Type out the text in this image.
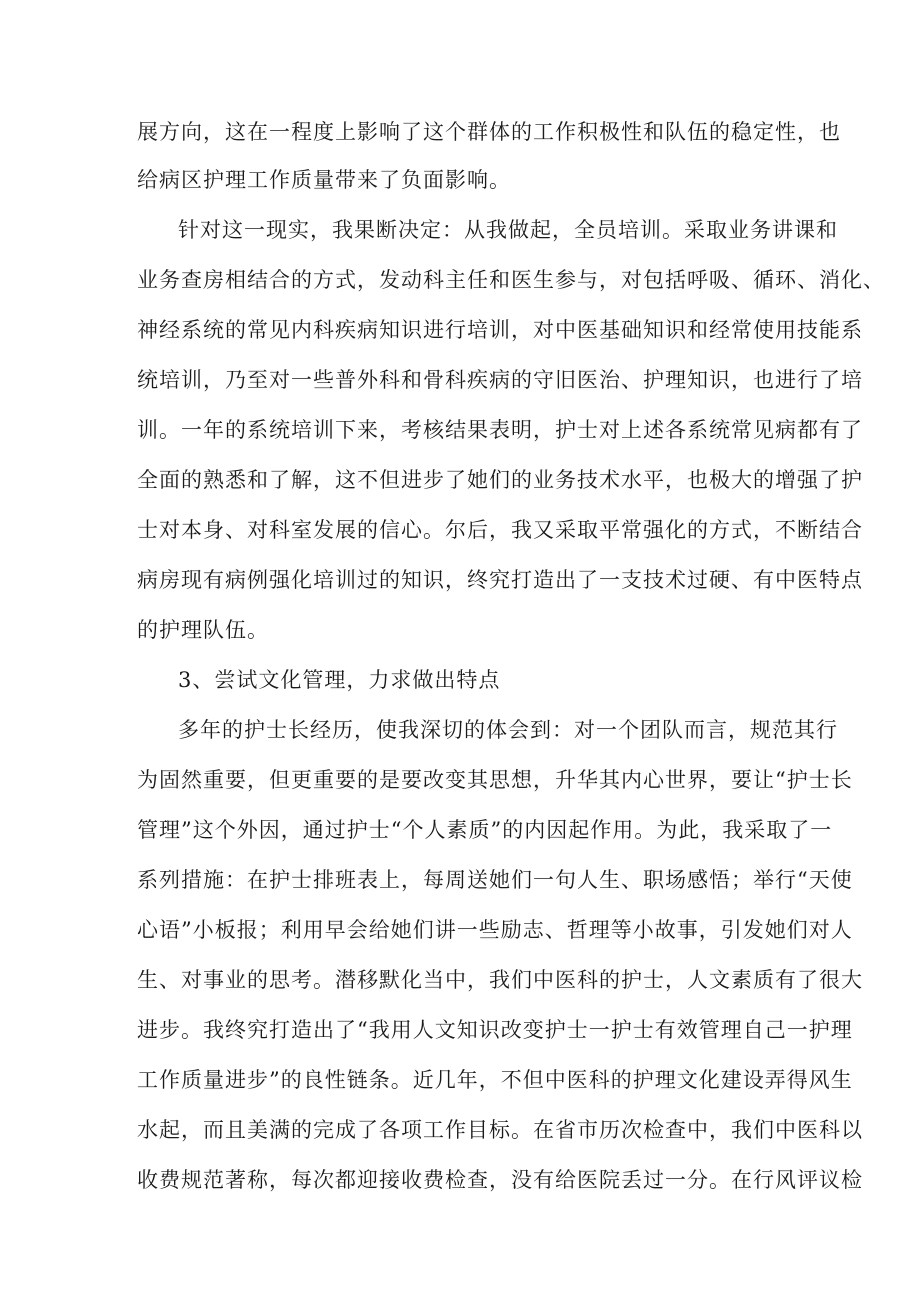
展方向，这在一程度上影响了这个群体的工作积极性和队伍的稳定性，也
给病区护理工作质量带来了负面影响。
针对这一现实，我果断决定：从我做起，全员培训。采取业务讲课和
业务查房相结合的方式，发动科主任和医生参与，对包括呼吸、循环、消化、
神经系统的常见内科疾病知识进行培训，对中医基础知识和经常使用技能系
统培训，乃至对一些普外科和骨科疾病的守旧医治、护理知识，也进行了培
训。一年的系统培训下来，考核结果表明，护士对上述各系统常见病都有了
全面的熟悉和了解，这不但进步了她们的业务技术水平，也极大的增强了护
士对本身、对科室发展的信心。尔后，我又采取平常强化的方式，不断结合
病房现有病例强化培训过的知识，终究打造出了一支技术过硬、有中医特点
的护理队伍。
3、尝试文化管理，力求做出特点
多年的护士长经历，使我深切的体会到：对一个团队而言，规范其行
为固然重要，但更重要的是要改变其思想，升华其内心世界，要让“护士长
管理”这个外因，通过护士“个人素质”的内因起作用。为此，我采取了一
系列措施：在护士排班表上，每周送她们一句人生、职场感悟；举行“天使
心语”小板报；利用早会给她们讲一些励志、哲理等小故事，引发她们对人
生、对事业的思考。潜移默化当中，我们中医科的护士，人文素质有了很大
进步。我终究打造出了“我用人文知识改变护士一护士有效管理自己一护理
工作质量进步”的良性链条。近几年，不但中医科的护理文化建设弄得风生
水起，而且美满的完成了各项工作目标。在省市历次检查中，我们中医科以
收费规范著称，每次都迎接收费检查，没有给医院丢过一分。在行风评议检
